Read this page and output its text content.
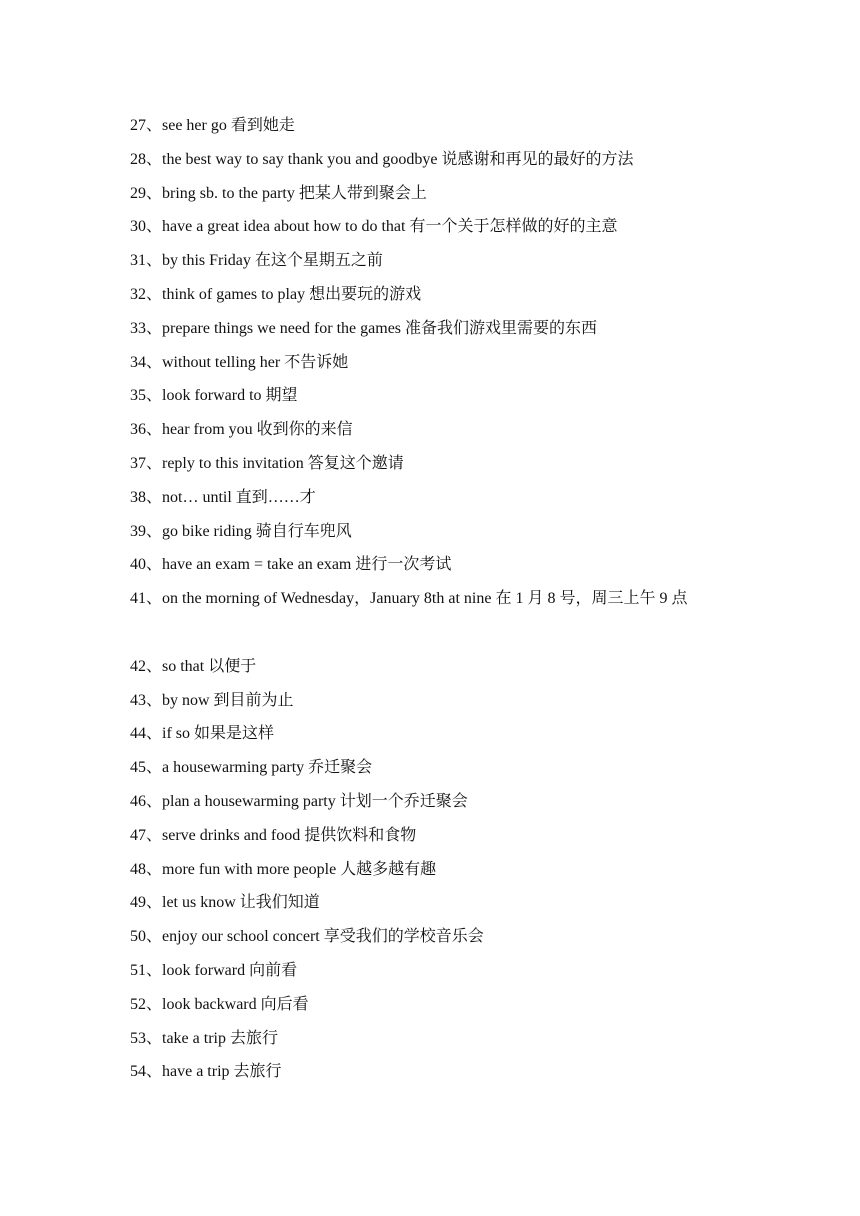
27、see her go 看到她走
28、the best way to say thank you and goodbye 说感谢和再见的最好的方法
29、bring sb. to the party 把某人带到聚会上
30、have a great idea about how to do that 有一个关于怎样做的好的主意
31、by this Friday 在这个星期五之前
32、think of games to play 想出要玩的游戏
33、prepare things we need for the games 准备我们游戏里需要的东西
34、without telling her 不告诉她
35、look forward to 期望
36、hear from you 收到你的来信
37、reply to this invitation 答复这个邀请
38、not… until 直到……才
39、go bike riding 骑自行车兜风
40、have an exam = take an exam 进行一次考试
41、on the morning of Wednesday，January 8th at nine 在 1 月 8 号，周三上午 9 点
42、so that 以便于
43、by now 到目前为止
44、if so 如果是这样
45、a housewarming party 乔迁聚会
46、plan a housewarming party 计划一个乔迁聚会
47、serve drinks and food 提供饮料和食物
48、more fun with more people 人越多越有趣
49、let us know 让我们知道
50、enjoy our school concert 享受我们的学校音乐会
51、look forward 向前看
52、look backward 向后看
53、take a trip 去旅行
54、have a trip 去旅行
